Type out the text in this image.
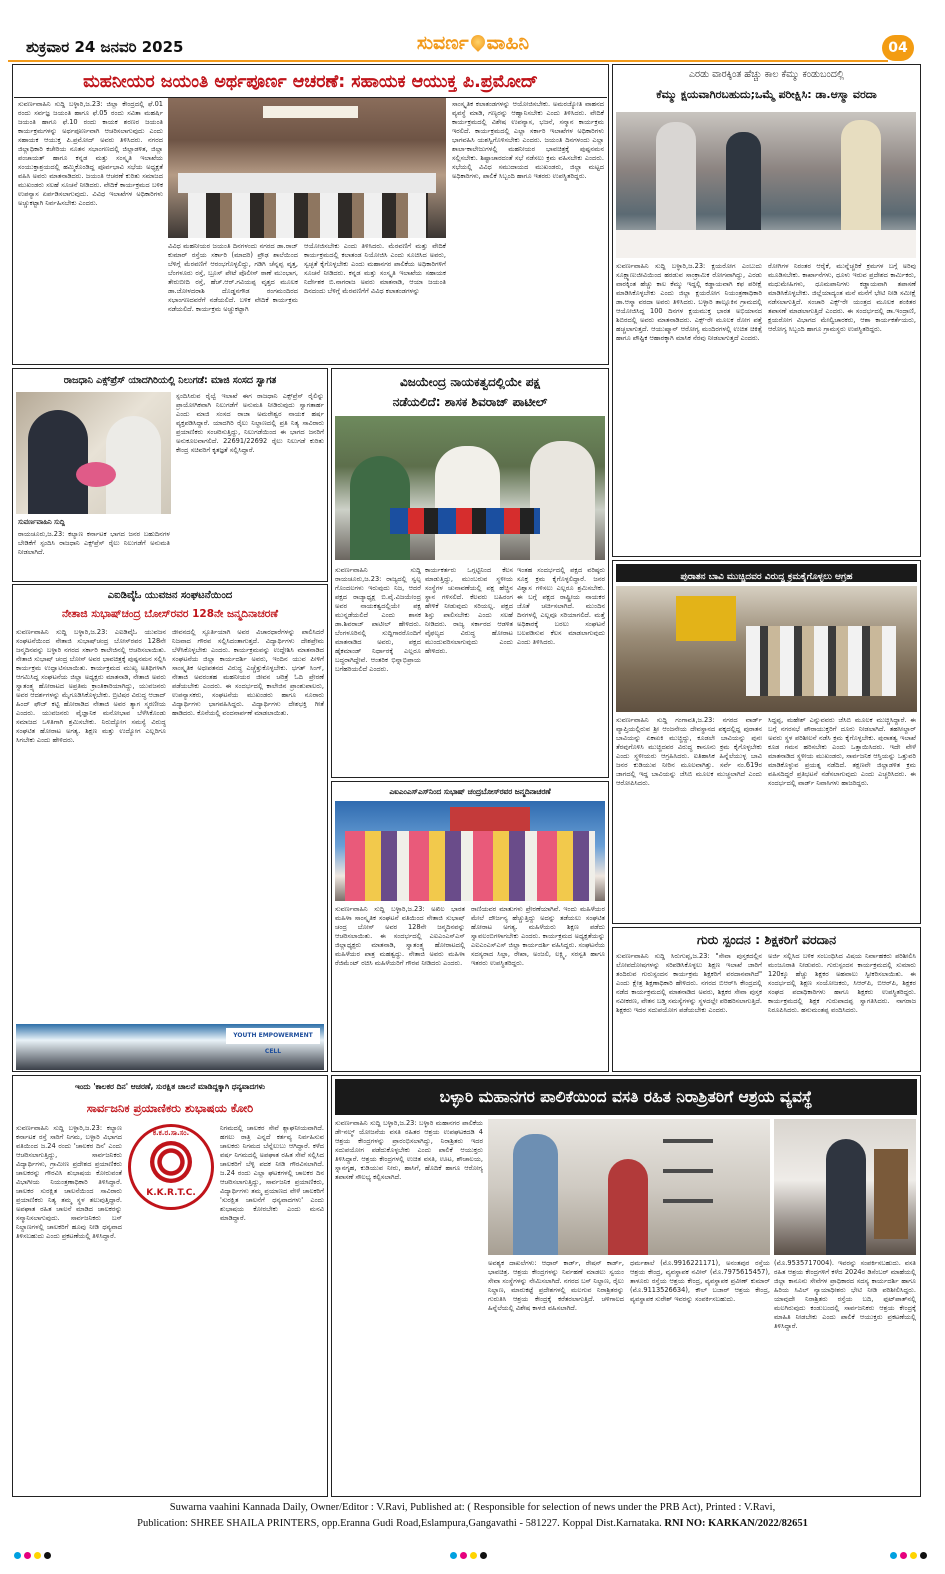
ಶುಕ್ರವಾರ 24 ಜನವರಿ 2025	ಸುವರ್ಣ ವಾಹಿನಿ	04
ಮಹನೀಯರ ಜಯಂತಿ ಅರ್ಥಪೂರ್ಣ ಆಚರಣೆ: ಸಹಾಯಕ ಆಯುಕ್ತ ಪಿ.ಪ್ರಮೋದ್
ಸುವರ್ಣವಾಹಿನಿ ಸುದ್ದಿ ಬಳ್ಳಾರಿ,ಜ.23: ಜಿಲ್ಲಾ ಕೇಂದ್ರದಲ್ಲಿ ಫೆ.01 ರಂದು ಸರ್ವಜ್ಞ ಜಯಂತಿ ಹಾಗೂ ಫೆ.05 ರಂದು ಸವಿತಾ ಮಹರ್ಷಿ ಜಯಂತಿ ಹಾಗೂ ಫೆ.10 ರಂದು ಕಾಯಕ ಶರಣರ ಜಯಂತಿ ಕಾರ್ಯಕ್ರಮಗಳನ್ನು ಅರ್ಥಪೂರ್ಣವಾಗಿ ಆಚರಿಸಲಾಗುವುದು ಎಂದು ಸಹಾಯಕ ಆಯುಕ್ತ ಪಿ.ಪ್ರಮೋದ್ ಅವರು ತಿಳಿಸಿದರು. ನಗರದ ಜಿಲ್ಲಾಧಿಕಾರಿ ಕಚೇರಿಯ ನೂತನ ಸಭಾಂಗಣದಲ್ಲಿ ಜಿಲ್ಲಾಡಳಿತ, ಜಿಲ್ಲಾ ಪಂಚಾಯತ್ ಹಾಗೂ ಕನ್ನಡ ಮತ್ತು ಸಂಸ್ಕೃತಿ ಇಲಾಖೆಯ ಸಂಯುಕ್ತಾಶ್ರಯದಲ್ಲಿ ಹಮ್ಮಿಕೊಂಡಿದ್ದ ಪೂರ್ವಭಾವಿ ಸಭೆಯ ಅಧ್ಯಕ್ಷತೆ ವಹಿಸಿ ಅವರು ಮಾತನಾಡಿದರು. ಜಯಂತಿ ಆಚರಣೆ ಕುರಿತು ಸಮಾಜದ ಮುಖಂಡರು ಸಲಹೆ ಸೂಚನೆ ನೀಡಿದರು. ವೇದಿಕೆ ಕಾರ್ಯಕ್ರಮದ ಬಳಿಕ ಉಪನ್ಯಾಸ ಏರ್ಪಡಿಸಲಾಗುವುದು. ವಿವಿಧ ಇಲಾಖೆಗಳ ಅಧಿಕಾರಿಗಳು ಅಚ್ಚುಕಟ್ಟಾಗಿ ನಿರ್ವಹಿಸಬೇಕು ಎಂದರು.
ವಿವಿಧ ಮಹನೀಯರ ಜಯಂತಿ ದಿನಗಳಂದು ನಗರದ ಡಾ.ರಾಜ್ ಕುಮಾರ್ ರಸ್ತೆಯ ಸರ್ಕಾರಿ (ಮಾದರಿ) ಪ್ರೌಢ ಶಾಲೆಯಿಂದ ಬೆಳಿಗ್ಗೆ ಮೆರವಣಿಗೆ ಆರಂಭಗೊಳ್ಳಲಿದ್ದು, ಗಡಿಗಿ ಚೆನ್ನಪ್ಪ ವೃತ್ತ, ಬೆಂಗಳೂರು ರಸ್ತೆ, ಬ್ರೂಸ್ ಪೇಟೆ ಪೊಲೀಸ್ ಠಾಣೆ ಮುಂಭಾಗ, ತೇರುಬೀದಿ ರಸ್ತೆ, ಹೆಚ್.ಆರ್.ಗವಿಯಪ್ಪ ವೃತ್ತದ ಮೂಲಕ ಡಾ.ಜೋಳದರಾಶಿ ದೊಡ್ಡನಗೌಡ ರಂಗಮಂದಿರದ ಸಭಾಂಗಣದವರೆಗೆ ನಡೆಯಲಿದೆ. ಬಳಿಕ ವೇದಿಕೆ ಕಾರ್ಯಕ್ರಮ ನಡೆಯಲಿದೆ. ಕಾರ್ಯಕ್ರಮ ಅಚ್ಚುಕಟ್ಟಾಗಿ
ಆಯೋಜಿಸಬೇಕು ಎಂದು ತಿಳಿಸಿದರು. ಮೆರವಣಿಗೆ ಮತ್ತು ವೇದಿಕೆ ಕಾರ್ಯಕ್ರಮದಲ್ಲಿ ಕಲಾತಂಡ ನಿಯೋಜಿಸಿ ಎಂದು ಸೂಚಿಸಿದ ಅವರು, ಸ್ವಚ್ಛತೆ ಕೈಗೊಳ್ಳಬೇಕು ಎಂದು ಮಹಾನಗರ ಪಾಲಿಕೆಯ ಅಧಿಕಾರಿಗಳಿಗೆ ಸೂಚನೆ ನೀಡಿದರು. ಕನ್ನಡ ಮತ್ತು ಸಂಸ್ಕೃತಿ ಇಲಾಖೆಯ ಸಹಾಯಕ ನಿರ್ದೇಶಕ ಬಿ.ನಾಗರಾಜ ಅವರು ಮಾತನಾಡಿ, ಆಯಾ ಜಯಂತಿ ದಿನದಂದು ಬೆಳಿಗ್ಗೆ ಮೆರವಣಿಗೆಗೆ ವಿವಿಧ ಕಲಾತಂಡಗಳನ್ನು
ಸಾಂಸ್ಕೃತಿಕ ಕಲಾತಂಡಗಳನ್ನು ಆಯೋಜಿಸಬೇಕು. ಅಮರಜ್ಯೋತಿ ವಾಹನದ ವ್ಯವಸ್ಥೆ ಮಾಡಿ, ಗಣ್ಯರನ್ನು ಆಹ್ವಾನಿಸಬೇಕು ಎಂದು ತಿಳಿಸಿದರು. ವೇದಿಕೆ ಕಾರ್ಯಕ್ರಮದಲ್ಲಿ ವಿಶೇಷ ಉಪನ್ಯಾಸ, ಭಜನೆ, ಸನ್ಮಾನ ಕಾರ್ಯಕ್ರಮ ಇರಲಿದೆ. ಕಾರ್ಯಕ್ರಮದಲ್ಲಿ ಎಲ್ಲಾ ಸರ್ಕಾರಿ ಇಲಾಖೆಗಳ ಅಧಿಕಾರಿಗಳು ಭಾಗವಹಿಸಿ ಯಶಸ್ವಿಗೊಳಿಸಬೇಕು ಎಂದರು. ಜಯಂತಿ ದಿನಗಳಂದು ಎಲ್ಲಾ ಶಾಲಾ-ಕಾಲೇಜುಗಳಲ್ಲಿ ಮಹನೀಯರ ಭಾವಚಿತ್ರಕ್ಕೆ ಪುಷ್ಪನಮನ ಸಲ್ಲಿಸಬೇಕು. ಶಿಷ್ಟಾಚಾರದಂತೆ ಸಭೆ ನಡೆಸಲು ಕ್ರಮ ವಹಿಸಬೇಕು ಎಂದರು. ಸಭೆಯಲ್ಲಿ ವಿವಿಧ ಸಮುದಾಯದ ಮುಖಂಡರು, ಜಿಲ್ಲಾ ಮಟ್ಟದ ಅಧಿಕಾರಿಗಳು, ಪಾಲಿಕೆ ಸಿಬ್ಬಂದಿ ಹಾಗೂ ಇತರರು ಉಪಸ್ಥಿತರಿದ್ದರು.
ಎರಡು ವಾರಕ್ಕಿಂತ ಹೆಚ್ಚು ಕಾಲ ಕೆಮ್ಮು ಕಂಡುಬಂದಲ್ಲಿ
ಕೆಮ್ಮು ಕ್ಷಯವಾಗಿರಬಹುದು;ಒಮ್ಮೆ ಪರೀಕ್ಷಿಸಿ: ಡಾ.ಆಸ್ಮಾ ವರದಾ
ಸುವರ್ಣವಾಹಿನಿ ಸುದ್ದಿ ಬಳ್ಳಾರಿ,ಜ.23: ಕ್ಷಯರೋಗ ಎಂಬುದು ಸೂಕ್ಷ್ಮಾಣುಜೀವಿಯಿಂದ ಹರಡುವ ಸಾಂಕ್ರಾಮಿಕ ರೋಗವಾಗಿದ್ದು, ಎರಡು ವಾರಕ್ಕಿಂತ ಹೆಚ್ಚು ಕಾಲ ಕೆಮ್ಮು ಇದ್ದಲ್ಲಿ ಕಡ್ಡಾಯವಾಗಿ ಕಫ ಪರೀಕ್ಷೆ ಮಾಡಿಸಿಕೊಳ್ಳಬೇಕು ಎಂದು ಜಿಲ್ಲಾ ಕ್ಷಯರೋಗ ನಿಯಂತ್ರಣಾಧಿಕಾರಿ ಡಾ.ಆಸ್ಮಾ ವರದಾ ಅವರು ತಿಳಿಸಿದರು. ಬಳ್ಳಾರಿ ತಾಲ್ಲೂಕಿನ ಗ್ರಾಮದಲ್ಲಿ ಆಯೋಜಿಸಿದ್ದ 100 ದಿನಗಳ ಕ್ಷಯಮುಕ್ತ ಭಾರತ ಅಭಿಯಾನದ ಶಿಬಿರದಲ್ಲಿ ಅವರು ಮಾತನಾಡಿದರು. ಎಕ್ಸ್-ರೇ ಮೂಲಕ ರೋಗ ಪತ್ತೆ ಹಚ್ಚಲಾಗುತ್ತದೆ. ಆಯುಷ್ಮಾನ್ ಆರೋಗ್ಯ ಮಂದಿರಗಳಲ್ಲಿ ಉಚಿತ ಚಿಕಿತ್ಸೆ ಹಾಗೂ ಪೌಷ್ಟಿಕ ಆಹಾರಕ್ಕಾಗಿ ಮಾಸಿಕ ನೆರವು ನೀಡಲಾಗುತ್ತದೆ ಎಂದರು.
ರೋಗಿಗಳ ನಿರಂತರ ಆರೈಕೆ, ಮುನ್ನೆಚ್ಚರಿಕೆ ಕ್ರಮಗಳ ಬಗ್ಗೆ ಅರಿವು ಮೂಡಿಸಬೇಕು. ಕಾರ್ಖಾನೆಗಳು, ಧೂಳು ಇರುವ ಪ್ರದೇಶದ ಕಾರ್ಮಿಕರು, ಮಧುಮೇಹಿಗಳು, ಧೂಮಪಾನಿಗಳು ಕಡ್ಡಾಯವಾಗಿ ತಪಾಸಣೆ ಮಾಡಿಸಿಕೊಳ್ಳಬೇಕು. ಜಿಲ್ಲೆಯಾದ್ಯಂತ ಮನೆ ಮನೆಗೆ ಭೇಟಿ ನೀಡಿ ಸಮೀಕ್ಷೆ ನಡೆಸಲಾಗುತ್ತಿದೆ. ಸಂಚಾರಿ ಎಕ್ಸ್-ರೇ ಯಂತ್ರದ ಮೂಲಕ ಶಂಕಿತರ ತಪಾಸಣೆ ಮಾಡಲಾಗುತ್ತಿದೆ ಎಂದರು. ಈ ಸಂದರ್ಭದಲ್ಲಿ ಡಾ.ಇಂದ್ರಾಣಿ, ಕ್ಷಯರೋಗ ವಿಭಾಗದ ಮೇಲ್ವಿಚಾರಕರು, ಆಶಾ ಕಾರ್ಯಕರ್ತೆಯರು, ಆರೋಗ್ಯ ಸಿಬ್ಬಂದಿ ಹಾಗೂ ಗ್ರಾಮಸ್ಥರು ಉಪಸ್ಥಿತರಿದ್ದರು.
ರಾಜಧಾನಿ ಎಕ್ಸ್‌ಪ್ರೆಸ್ ಯಾದಗಿರಿಯಲ್ಲಿ ನಿಲುಗಡೆ: ಮಾಜಿ ಸಂಸದ ಸ್ವಾಗತ
ಸುವರ್ಣವಾಹಿನಿ ಸುದ್ದಿ
ರಾಯಚೂರು,ಜ.23: ಕಲ್ಯಾಣ ಕರ್ನಾಟಕ ಭಾಗದ ಜನರ ಬಹುದಿನಗಳ ಬೇಡಿಕೆಗೆ ಸ್ಪಂದಿಸಿ ರಾಜಧಾನಿ ಎಕ್ಸ್‌ಪ್ರೆಸ್ ರೈಲು ನಿಲುಗಡೆಗೆ ಅನುಮತಿ ನೀಡಲಾಗಿದೆ.
ಸ್ಪಂದಿಸಿರುವ ರೈಲ್ವೆ ಇಲಾಖೆ ಈಗ ರಾಜಧಾನಿ ಎಕ್ಸ್‌ಪ್ರೆಸ್ ರೈಲಿನ್ನು ಪ್ರಾಯೋಗಿಕವಾಗಿ ನಿಲುಗಡೆಗೆ ಅನುಮತಿ ನೀಡಿರುವುದು ಸ್ವಾಗತಾರ್ಹ ಎಂದು ಮಾಜಿ ಸಂಸದ ರಾಜಾ ಅಮರೇಶ್ವರ ನಾಯಕ ಹರ್ಷ ವ್ಯಕ್ತಪಡಿಸಿದ್ದಾರೆ. ಯಾದಗಿರಿ ರೈಲು ನಿಲ್ದಾಣದಲ್ಲಿ ಪ್ರತಿ ನಿತ್ಯ ಸಾವಿರಾರು ಪ್ರಯಾಣಿಕರು ಸಂಚರಿಸುತ್ತಿದ್ದು, ನಿಲುಗಡೆಯಿಂದ ಈ ಭಾಗದ ಜನರಿಗೆ ಅನುಕೂಲವಾಗಲಿದೆ. 22691/22692 ರೈಲು ನಿಲುಗಡೆ ಕುರಿತು ಕೇಂದ್ರ ಸಚಿವರಿಗೆ ಕೃತಜ್ಞತೆ ಸಲ್ಲಿಸಿದ್ದಾರೆ.
ವಿಜಯೇಂದ್ರ ನಾಯಕತ್ವದಲ್ಲಿಯೇ ಪಕ್ಷ
ನಡೆಯಲಿದೆ: ಶಾಸಕ ಶಿವರಾಜ್ ಪಾಟೀಲ್
ಸುವರ್ಣವಾಹಿನಿ ಸುದ್ದಿ ರಾಯಚೂರು,ಜ.23: ರಾಜ್ಯದಲ್ಲಿ ಸ್ವಲ್ಪ ಗೊಂದಲಗಳು ಇರುವುದು ನಿಜ, ಆದರೆ ಪಕ್ಷದ ರಾಜ್ಯಾಧ್ಯಕ್ಷ ಬಿ.ವೈ.ವಿಜಯೇಂದ್ರ ಅವರ ನಾಯಕತ್ವದಲ್ಲಿಯೇ ಪಕ್ಷ ಮುನ್ನಡೆಯಲಿದೆ ಎಂದು ಶಾಸಕ ಡಾ.ಶಿವರಾಜ್ ಪಾಟೀಲ್ ಹೇಳಿದರು. ಬೆಂಗಳೂರಿನಲ್ಲಿ ಸುದ್ದಿಗಾರರೊಂದಿಗೆ ಮಾತನಾಡಿದ ಅವರು, ಪಕ್ಷದ ಹೈಕಮಾಂಡ್ ನಿರ್ಧಾರಕ್ಕೆ ಎಲ್ಲರೂ ಬದ್ಧರಾಗಿದ್ದೇವೆ. ಆಂತರಿಕ ಭಿನ್ನಾಭಿಪ್ರಾಯ ಬಗೆಹರಿಯಲಿದೆ ಎಂದರು.
ಕಾರ್ಯಕರ್ತರು ಒಗ್ಗಟ್ಟಿನಿಂದ ಕೆಲಸ ಮಾಡುತ್ತಿದ್ದು, ಮುಂಬರುವ ಸ್ಥಳೀಯ ಸಂಸ್ಥೆಗಳ ಚುನಾವಣೆಯಲ್ಲಿ ಪಕ್ಷ ಹೆಚ್ಚಿನ ಸ್ಥಾನ ಗಳಿಸಲಿದೆ. ಕೆಲವರು ಬಹಿರಂಗ ಹೇಳಿಕೆ ನೀಡುವುದು ಸರಿಯಲ್ಲ. ಪಕ್ಷದ ಶಿಸ್ತು ಪಾಲಿಸಬೇಕು ಎಂದು ಸಲಹೆ ನೀಡಿದರು. ರಾಜ್ಯ ಸರ್ಕಾರದ ಆಡಳಿತ ವೈಫಲ್ಯದ ವಿರುದ್ಧ ಹೋರಾಟ ಮುಂದುವರಿಸಲಾಗುವುದು ಎಂದು ಹೇಳಿದರು.
ಇಂತಹ ಸಂದರ್ಭದಲ್ಲಿ ಪಕ್ಷದ ವರಿಷ್ಠರು ಸೂಕ್ತ ಕ್ರಮ ಕೈಗೊಳ್ಳಲಿದ್ದಾರೆ. ಜನರ ವಿಶ್ವಾಸ ಗಳಿಸಲು ಎಲ್ಲರೂ ಶ್ರಮಿಸಬೇಕು. ಈ ಬಗ್ಗೆ ಪಕ್ಷದ ರಾಷ್ಟ್ರೀಯ ನಾಯಕರ ಜೊತೆ ಚರ್ಚಿಸಲಾಗಿದೆ. ಮುಂದಿನ ದಿನಗಳಲ್ಲಿ ಎಲ್ಲವೂ ಸರಿಯಾಗಲಿದೆ. ಮತ್ತೆ ಅಧಿಕಾರಕ್ಕೆ ಬರಲು ಸಂಘಟನೆ ಬಲಪಡಿಸುವ ಕೆಲಸ ಮಾಡಲಾಗುವುದು ಎಂದು ತಿಳಿಸಿದರು.
ಎಐಡಿವೈಓ ಯುವಜನ ಸಂಘಟನೆಯಿಂದ
ನೇತಾಜಿ ಸುಭಾಷ್‌ಚಂದ್ರ ಬೋಸ್‌ರವರ 128ನೇ ಜನ್ಮದಿನಾಚರಣೆ
ಸುವರ್ಣವಾಹಿನಿ ಸುದ್ದಿ ಬಳ್ಳಾರಿ,ಜ.23: ಎಐಡಿವೈಓ ಯುವಜನ ಸಂಘಟನೆಯಿಂದ ನೇತಾಜಿ ಸುಭಾಷ್‌ಚಂದ್ರ ಬೋಸ್‌ರವರ 128ನೇ ಜನ್ಮದಿನವನ್ನು ಬಳ್ಳಾರಿ ನಗರದ ಸರ್ಕಾರಿ ಕಾಲೇಜಿನಲ್ಲಿ ಆಚರಿಸಲಾಯಿತು. ನೇತಾಜಿ ಸುಭಾಷ್ ಚಂದ್ರ ಬೋಸ್ ಅವರ ಭಾವಚಿತ್ರಕ್ಕೆ ಪುಷ್ಪನಮನ ಸಲ್ಲಿಸಿ ಕಾರ್ಯಕ್ರಮ ಉದ್ಘಾಟಿಸಲಾಯಿತು. ಕಾರ್ಯಕ್ರಮದ ಮುಖ್ಯ ಅತಿಥಿಗಳಾಗಿ ಆಗಮಿಸಿದ್ದ ಸಂಘಟನೆಯ ಜಿಲ್ಲಾ ಅಧ್ಯಕ್ಷರು ಮಾತನಾಡಿ, ನೇತಾಜಿ ಅವರು ಸ್ವಾತಂತ್ರ್ಯ ಹೋರಾಟದ ಅಪ್ರತಿಮ ಕ್ರಾಂತಿಕಾರಿಯಾಗಿದ್ದು, ಯುವಜನರು ಅವರ ಆದರ್ಶಗಳನ್ನು ಮೈಗೂಡಿಸಿಕೊಳ್ಳಬೇಕು. ಬ್ರಿಟಿಷರ ವಿರುದ್ಧ ಆಜಾದ್ ಹಿಂದ್ ಫೌಜ್ ಕಟ್ಟಿ ಹೋರಾಡಿದ ನೇತಾಜಿ ಅವರ ತ್ಯಾಗ ಸ್ಮರಣೀಯ ಎಂದರು. ಯುವಜನರು ವೈಜ್ಞಾನಿಕ ಮನೋಭಾವ ಬೆಳೆಸಿಕೊಂಡು ಸಮಾಜದ ಒಳಿತಿಗಾಗಿ ಶ್ರಮಿಸಬೇಕು. ನಿರುದ್ಯೋಗ ಸಮಸ್ಯೆ ವಿರುದ್ಧ ಸಂಘಟಿತ ಹೋರಾಟ ಅಗತ್ಯ. ಶಿಕ್ಷಣ ಮತ್ತು ಉದ್ಯೋಗ ಎಲ್ಲರಿಗೂ ಸಿಗಬೇಕು ಎಂದು ಹೇಳಿದರು.
ಜೀವನದಲ್ಲಿ ಸ್ಫೂರ್ತಿಯಾಗಿ ಅವರ ವಿಚಾರಧಾರೆಗಳನ್ನು ಪಾಲಿಸಿದರೆ ನಿಜವಾದ ಗೌರವ ಸಲ್ಲಿಸಿದಂತಾಗುತ್ತದೆ. ವಿದ್ಯಾರ್ಥಿಗಳು ದೇಶಪ್ರೇಮ ಬೆಳೆಸಿಕೊಳ್ಳಬೇಕು ಎಂದರು. ಕಾರ್ಯಕ್ರಮವನ್ನು ಉದ್ದೇಶಿಸಿ ಮಾತನಾಡಿದ ಸಂಘಟನೆಯ ಜಿಲ್ಲಾ ಕಾರ್ಯದರ್ಶಿ ಅವರು, ಇಂದಿನ ಯುವ ಪೀಳಿಗೆ ಸಾಂಸ್ಕೃತಿಕ ಅಧಃಪತನದ ವಿರುದ್ಧ ಎಚ್ಚೆತ್ತುಕೊಳ್ಳಬೇಕು. ಭಗತ್ ಸಿಂಗ್, ನೇತಾಜಿ ಅವರಂತಹ ಮಹನೀಯರ ಜೀವನ ಚರಿತ್ರೆ ಓದಿ ಪ್ರೇರಣೆ ಪಡೆಯಬೇಕು ಎಂದರು. ಈ ಸಂದರ್ಭದಲ್ಲಿ ಕಾಲೇಜಿನ ಪ್ರಾಂಶುಪಾಲರು, ಉಪನ್ಯಾಸಕರು, ಸಂಘಟನೆಯ ಮುಖಂಡರು ಹಾಗೂ ನೂರಾರು ವಿದ್ಯಾರ್ಥಿಗಳು ಭಾಗವಹಿಸಿದ್ದರು. ವಿದ್ಯಾರ್ಥಿಗಳು ದೇಶಭಕ್ತಿ ಗೀತೆ ಹಾಡಿದರು. ಕೊನೆಯಲ್ಲಿ ವಂದನಾರ್ಪಣೆ ಮಾಡಲಾಯಿತು.
YOUTH EMPOWERMENT CELL
ಎಐಎಂಎಸ್‌ಎಸ್‌ನಿಂದ ಸುಭಾಷ್ ಚಂದ್ರಬೋಸ್‌ರವರ ಜನ್ಮದಿನಾಚರಣೆ
ಸುವರ್ಣವಾಹಿನಿ ಸುದ್ದಿ ಬಳ್ಳಾರಿ,ಜ.23: ಅಖಿಲ ಭಾರತ ಮಹಿಳಾ ಸಾಂಸ್ಕೃತಿಕ ಸಂಘಟನೆ ವತಿಯಿಂದ ನೇತಾಜಿ ಸುಭಾಷ್ ಚಂದ್ರ ಬೋಸ್ ಅವರ 128ನೇ ಜನ್ಮದಿನವನ್ನು ಆಚರಿಸಲಾಯಿತು. ಈ ಸಂದರ್ಭದಲ್ಲಿ ಎಐಎಂಎಸ್‌ಎಸ್ ಜಿಲ್ಲಾಧ್ಯಕ್ಷರು ಮಾತನಾಡಿ, ಸ್ವಾತಂತ್ರ್ಯ ಹೋರಾಟದಲ್ಲಿ ಮಹಿಳೆಯರ ಪಾತ್ರ ಮಹತ್ವದ್ದು. ನೇತಾಜಿ ಅವರು ಮಹಿಳಾ ರೆಜಿಮೆಂಟ್ ರಚಿಸಿ ಮಹಿಳೆಯರಿಗೆ ಗೌರವ ನೀಡಿದರು ಎಂದರು.
ರಾಣಿಯವರ ಮಾತುಗಳು ಪ್ರೇರಣೆಯಾಗಿವೆ. ಇಂದು ಮಹಿಳೆಯರ ಮೇಲೆ ದೌರ್ಜನ್ಯ ಹೆಚ್ಚುತ್ತಿದ್ದು ಅದನ್ನು ತಡೆಯಲು ಸಂಘಟಿತ ಹೋರಾಟ ಅಗತ್ಯ. ಮಹಿಳೆಯರು ಶಿಕ್ಷಣ ಪಡೆದು ಸ್ವಾವಲಂಬಿಗಳಾಗಬೇಕು ಎಂದರು. ಕಾರ್ಯಕ್ರಮದ ಅಧ್ಯಕ್ಷತೆಯನ್ನು ಎಐಎಂಎಸ್‌ಎಸ್ ಜಿಲ್ಲಾ ಕಾರ್ಯದರ್ಶಿ ವಹಿಸಿದ್ದರು. ಸಂಘಟನೆಯ ಸದಸ್ಯರಾದ ಸಿಲ್ಪಾ, ರೇಖಾ, ಅಂಜಲಿ, ಲಕ್ಷ್ಮಿ, ಸರಸ್ವತಿ ಹಾಗೂ ಇತರರು ಉಪಸ್ಥಿತರಿದ್ದರು.
ಪುರಾತನ ಬಾವಿ ಮುಚ್ಚಿದವರ ವಿರುದ್ಧ ಕ್ರಮಕೈಗೊಳ್ಳಲು ಆಗ್ರಹ
ಸುವರ್ಣವಾಹಿನಿ ಸುದ್ದಿ ಗಂಗಾವತಿ,ಜ.23: ನಗರದ ವಾರ್ಡ್ ವ್ಯಾಪ್ತಿಯಲ್ಲಿರುವ ಶ್ರೀ ಆಂಜನೇಯ ದೇವಸ್ಥಾನದ ಪಕ್ಕದಲ್ಲಿದ್ದ ಪುರಾತನ ಬಾವಿಯನ್ನು ಏಕಾಏಕಿ ಮುಚ್ಚಿದ್ದು, ಕೂಡಲೇ ಬಾವಿಯನ್ನು ಪುನಃ ತೆರವುಗೊಳಿಸಿ ಮುಚ್ಚಿದವರ ವಿರುದ್ಧ ಕಾನೂನು ಕ್ರಮ ಕೈಗೊಳ್ಳಬೇಕು ಎಂದು ಸ್ಥಳೀಯರು ಆಗ್ರಹಿಸಿದರು. ಐತಿಹಾಸಿಕ ಹಿನ್ನೆಲೆಯುಳ್ಳ ಬಾವಿ ಜನರ ಕುಡಿಯುವ ನೀರಿನ ಮೂಲವಾಗಿತ್ತು. ಸರ್ವೆ ನಂ.619ರ ಜಾಗದಲ್ಲಿ ಇದ್ದ ಬಾವಿಯನ್ನು ಜೆಸಿಬಿ ಮೂಲಕ ಮುಚ್ಚಲಾಗಿದೆ ಎಂದು ಆರೋಪಿಸಿದರು.
ಸಿದ್ದಪ್ಪ, ಮಹೇಶ್ ಎನ್ನುವವರು ಜೆಸಿಬಿ ಮೂಲಕ ಮುಚ್ಚಿಸಿದ್ದಾರೆ. ಈ ಬಗ್ಗೆ ನಗರಸಭೆ ಪೌರಾಯುಕ್ತರಿಗೆ ದೂರು ನೀಡಲಾಗಿದೆ. ತಹಸೀಲ್ದಾರ್ ಅವರು ಸ್ಥಳ ಪರಿಶೀಲನೆ ನಡೆಸಿ ಕ್ರಮ ಕೈಗೊಳ್ಳಬೇಕು. ಪುರಾತತ್ವ ಇಲಾಖೆ ಕೂಡ ಗಮನ ಹರಿಸಬೇಕು ಎಂದು ಒತ್ತಾಯಿಸಿದರು. ಇದೇ ವೇಳೆ ಮಾತನಾಡಿದ ಸ್ಥಳೀಯ ಮುಖಂಡರು, ಸಾರ್ವಜನಿಕ ಆಸ್ತಿಯನ್ನು ಒತ್ತುವರಿ ಮಾಡಿಕೊಳ್ಳುವ ಪ್ರಯತ್ನ ನಡೆದಿದೆ. ತಕ್ಷಣವೇ ಜಿಲ್ಲಾಡಳಿತ ಕ್ರಮ ವಹಿಸದಿದ್ದರೆ ಪ್ರತಿಭಟನೆ ನಡೆಸಲಾಗುವುದು ಎಂದು ಎಚ್ಚರಿಸಿದರು. ಈ ಸಂದರ್ಭದಲ್ಲಿ ವಾರ್ಡ್ ನಿವಾಸಿಗಳು ಹಾಜರಿದ್ದರು.
ಗುರು ಸ್ಪಂದನ : ಶಿಕ್ಷಕರಿಗೆ ವರದಾನ
ಸುವರ್ಣವಾಹಿನಿ ಸುದ್ದಿ ಸಿರುಗುಪ್ಪ,ಜ.23: "ಸೇವಾ ಪುಸ್ತಕದಲ್ಲಿನ ಲೋಪದೋಷಗಳನ್ನು ಸರಿಪಡಿಸಿಕೊಳ್ಳಲು ಶಿಕ್ಷಣ ಇಲಾಖೆ ಜಾರಿಗೆ ತಂದಿರುವ ಗುರುಸ್ಪಂದನ ಕಾರ್ಯಕ್ರಮ ಶಿಕ್ಷಕರಿಗೆ ವರದಾನವಾಗಿದೆ" ಎಂದು ಕ್ಷೇತ್ರ ಶಿಕ್ಷಣಾಧಿಕಾರಿ ಹೇಳಿದರು. ನಗರದ ಬಿಆರ್‌ಸಿ ಕೇಂದ್ರದಲ್ಲಿ ನಡೆದ ಕಾರ್ಯಕ್ರಮದಲ್ಲಿ ಮಾತನಾಡಿದ ಅವರು, ಶಿಕ್ಷಕರ ಸೇವಾ ಪುಸ್ತಕ ನವೀಕರಣ, ವೇತನ ಬಡ್ತಿ ಸಮಸ್ಯೆಗಳನ್ನು ಸ್ಥಳದಲ್ಲೇ ಪರಿಹರಿಸಲಾಗುತ್ತಿದೆ. ಶಿಕ್ಷಕರು ಇದರ ಸದುಪಯೋಗ ಪಡೆಯಬೇಕು ಎಂದರು.
ಅರ್ಜಿ ಸಲ್ಲಿಸಿದ ಬಳಿಕ ಸಂಬಂಧಿಸಿದ ವಿಷಯ ನಿರ್ವಾಹಕರು ಪರಿಶೀಲಿಸಿ ಮಂಜೂರಾತಿ ನೀಡುವರು. ಗುರುಸ್ಪಂದನ ಕಾರ್ಯಕ್ರಮದಲ್ಲಿ ಸುಮಾರು 120ಕ್ಕೂ ಹೆಚ್ಚು ಶಿಕ್ಷಕರ ಅಹವಾಲು ಸ್ವೀಕರಿಸಲಾಯಿತು. ಈ ಸಂದರ್ಭದಲ್ಲಿ ಶಿಕ್ಷಣ ಸಂಯೋಜಕರು, ಸಿಆರ್‌ಪಿ, ಬಿಆರ್‌ಪಿ, ಶಿಕ್ಷಕರ ಸಂಘದ ಪದಾಧಿಕಾರಿಗಳು ಹಾಗೂ ಶಿಕ್ಷಕರು ಉಪಸ್ಥಿತರಿದ್ದರು. ಕಾರ್ಯಕ್ರಮದಲ್ಲಿ ಶಿಕ್ಷಕ ಗುರುಪಾದಪ್ಪ ಸ್ವಾಗತಿಸಿದರು. ನಾಗರಾಜ ನಿರೂಪಿಸಿದರು. ಹನುಮಂತಪ್ಪ ವಂದಿಸಿದರು.
ಇಂದು 'ಕಾಲಕರ ದಿನ' ಆಚರಣೆ, ಸುರಕ್ಷಿತ ಚಾಲನೆ ಮಾಡಿದ್ದಕ್ಕಾಗಿ ಧನ್ಯವಾದಗಳು
ಸಾರ್ವಜನಿಕ ಪ್ರಯಾಣಿಕರು ಶುಭಾಷಯ ಕೋರಿ
ಕ.ಕ.ರ.ಸಾ.ಸಂ.
K.K.R.T.C.
ಸುವರ್ಣವಾಹಿನಿ ಸುದ್ದಿ ಬಳ್ಳಾರಿ,ಜ.23: ಕಲ್ಯಾಣ ಕರ್ನಾಟಕ ರಸ್ತೆ ಸಾರಿಗೆ ನಿಗಮ, ಬಳ್ಳಾರಿ ವಿಭಾಗದ ವತಿಯಿಂದ ಜ.24 ರಂದು 'ಚಾಲಕರ ದಿನ' ಎಂದು ಆಚರಿಸಲಾಗುತ್ತಿದ್ದು, ಸಾರ್ವಜನಿಕರು ವಿದ್ಯಾರ್ಥಿಗಳು, ಗ್ರಾಮೀಣ ಪ್ರದೇಶದ ಪ್ರಯಾಣಿಕರು ಚಾಲಕರನ್ನು ಗೌರವಿಸಿ ಶುಭಾಷಯ ಕೋರುವಂತೆ ವಿಭಾಗೀಯ ನಿಯಂತ್ರಣಾಧಿಕಾರಿ ತಿಳಿಸಿದ್ದಾರೆ. ಚಾಲಕರ ಸುರಕ್ಷಿತ ಚಾಲನೆಯಿಂದ ಸಾವಿರಾರು ಪ್ರಯಾಣಿಕರು ನಿತ್ಯ ತಮ್ಮ ಸ್ಥಳ ತಲುಪುತ್ತಿದ್ದಾರೆ. ಅಪಘಾತ ರಹಿತ ಚಾಲನೆ ಮಾಡಿದ ಚಾಲಕರನ್ನು ಸನ್ಮಾನಿಸಲಾಗುವುದು. ಸಾರ್ವಜನಿಕರು ಬಸ್ ನಿಲ್ದಾಣಗಳಲ್ಲಿ ಚಾಲಕರಿಗೆ ಹೂವು ನೀಡಿ ಧನ್ಯವಾದ ತಿಳಿಸಬಹುದು ಎಂದು ಪ್ರಕಟಣೆಯಲ್ಲಿ ತಿಳಿಸಿದ್ದಾರೆ.
ನಿಗಮದಲ್ಲಿ ಚಾಲಕರ ಸೇವೆ ಶ್ಲಾಘನೀಯವಾಗಿದೆ. ಹಗಲು ರಾತ್ರಿ ಎನ್ನದೆ ಕರ್ತವ್ಯ ನಿರ್ವಹಿಸುವ ಚಾಲಕರು ನಿಗಮದ ಬೆನ್ನೆಲುಬು ಆಗಿದ್ದಾರೆ. ಕಳೆದ ವರ್ಷ ನಿಗಮದಲ್ಲಿ ಅಪಘಾತ ರಹಿತ ಸೇವೆ ಸಲ್ಲಿಸಿದ ಚಾಲಕರಿಗೆ ಬೆಳ್ಳಿ ಪದಕ ನೀಡಿ ಗೌರವಿಸಲಾಗಿದೆ. ಜ.24 ರಂದು ಎಲ್ಲಾ ಘಟಕಗಳಲ್ಲಿ ಚಾಲಕರ ದಿನ ಆಚರಿಸಲಾಗುತ್ತಿದ್ದು, ಸಾರ್ವಜನಿಕ ಪ್ರಯಾಣಿಕರು, ವಿದ್ಯಾರ್ಥಿಗಳು ತಮ್ಮ ಪ್ರಯಾಣದ ವೇಳೆ ಚಾಲಕರಿಗೆ 'ಸುರಕ್ಷಿತ ಚಾಲನೆಗೆ ಧನ್ಯವಾದಗಳು' ಎಂದು ಶುಭಾಷಯ ಕೋರಬೇಕು ಎಂದು ಮನವಿ ಮಾಡಿದ್ದಾರೆ.
ಬಳ್ಳಾರಿ ಮಹಾನಗರ ಪಾಲಿಕೆಯಿಂದ ವಸತಿ ರಹಿತ ನಿರಾಶ್ರಿತರಿಗೆ ಆಶ್ರಯ ವ್ಯವಸ್ಥೆ
ಸುವರ್ಣವಾಹಿನಿ ಸುದ್ದಿ ಬಳ್ಳಾರಿ,ಜ.23: ಬಳ್ಳಾರಿ ಮಹಾನಗರ ಪಾಲಿಕೆಯ ಡೇ-ನಲ್ಮ್ ಯೋಜನೆಯ ವಸತಿ ರಹಿತರ ಆಶ್ರಯ ಉಪಘಟಕದಡಿ 4 ಆಶ್ರಯ ಕೇಂದ್ರಗಳನ್ನು ಪ್ರಾರಂಭಿಸಲಾಗಿದ್ದು, ನಿರಾಶ್ರಿತರು ಇದರ ಸದುಪಯೋಗ ಪಡೆದುಕೊಳ್ಳಬೇಕು ಎಂದು ಪಾಲಿಕೆ ಆಯುಕ್ತರು ತಿಳಿಸಿದ್ದಾರೆ. ಆಶ್ರಯ ಕೇಂದ್ರಗಳಲ್ಲಿ ಉಚಿತ ವಸತಿ, ಊಟ, ಶೌಚಾಲಯ, ಸ್ನಾನಗೃಹ, ಕುಡಿಯುವ ನೀರು, ಹಾಸಿಗೆ, ಹೊದಿಕೆ ಹಾಗೂ ಆರೋಗ್ಯ ತಪಾಸಣೆ ಸೌಲಭ್ಯ ಕಲ್ಪಿಸಲಾಗಿದೆ.
ಅವಶ್ಯಕ ದಾಖಲೆಗಳು: ಆಧಾರ್ ಕಾರ್ಡ್, ರೇಷನ್ ಕಾರ್ಡ್, ಭಾವಚಿತ್ರ. ಆಶ್ರಯ ಕೇಂದ್ರಗಳನ್ನು ನಿರ್ವಹಣೆ ಮಾಡಲು ಸ್ವಯಂ ಸೇವಾ ಸಂಸ್ಥೆಗಳನ್ನು ನೇಮಿಸಲಾಗಿದೆ. ನಗರದ ಬಸ್ ನಿಲ್ದಾಣ, ರೈಲು ನಿಲ್ದಾಣ, ಮಾರುಕಟ್ಟೆ ಪ್ರದೇಶಗಳಲ್ಲಿ ಮಲಗುವ ನಿರಾಶ್ರಿತರನ್ನು ಗುರುತಿಸಿ ಆಶ್ರಯ ಕೇಂದ್ರಕ್ಕೆ ಕರೆತರಲಾಗುತ್ತಿದೆ. ಚಳಿಗಾಲದ ಹಿನ್ನೆಲೆಯಲ್ಲಿ ವಿಶೇಷ ಕಾಳಜಿ ವಹಿಸಲಾಗಿದೆ.
ಧರ್ಮಶಾಲೆ (ಮೊ.9916221171), ಅನಂತಪುರ ರಸ್ತೆಯ ಆಶ್ರಯ ಕೇಂದ್ರ, ವ್ಯವಸ್ಥಾಪಕ ನವೀನ್ (ಮೊ.7975615457), ತಾಳೂರು ರಸ್ತೆಯ ಆಶ್ರಯ ಕೇಂದ್ರ, ವ್ಯವಸ್ಥಾಪಕ ಪ್ರವೀಣ್ ಕುಮಾರ್ (ಮೊ.9113526634), ಕೌಲ್ ಬಜಾರ್ ಆಶ್ರಯ ಕೇಂದ್ರ, ವ್ಯವಸ್ಥಾಪಕ ಸುರೇಶ್ ಇವರನ್ನು ಸಂಪರ್ಕಿಸಬಹುದು.
(ಮೊ.9535717004). ಇವರನ್ನು ಸಂಪರ್ಕಿಸಬಹುದು. ವಸತಿ ರಹಿತ ಆಶ್ರಯ ಕೇಂದ್ರಗಳಿಗೆ ಕಳೆದ 2024ರ ಡಿಸೆಂಬರ್ ಮಾಹೆಯಲ್ಲಿ ಜಿಲ್ಲಾ ಕಾನೂನು ಸೇವೆಗಳ ಪ್ರಾಧಿಕಾರದ ಸದಸ್ಯ ಕಾರ್ಯದರ್ಶಿ ಹಾಗೂ ಹಿರಿಯ ಸಿವಿಲ್ ನ್ಯಾಯಾಧೀಶರು ಭೇಟಿ ನೀಡಿ ಪರಿಶೀಲಿಸಿದ್ದರು. ಯಾವುದೇ ನಿರಾಶ್ರಿತರು ರಸ್ತೆಯ ಬದಿ, ಫುಟ್‌ಪಾತ್‌ನಲ್ಲಿ ಮಲಗಿರುವುದು ಕಂಡುಬಂದಲ್ಲಿ ಸಾರ್ವಜನಿಕರು ಆಶ್ರಯ ಕೇಂದ್ರಕ್ಕೆ ಮಾಹಿತಿ ನೀಡಬೇಕು ಎಂದು ಪಾಲಿಕೆ ಆಯುಕ್ತರು ಪ್ರಕಟಣೆಯಲ್ಲಿ ತಿಳಿಸಿದ್ದಾರೆ.
Suwarna vaahini Kannada Daily, Owner/Editor : V.Ravi, Published at: ( Responsible for selection of news under the PRB Act), Printed : V.Ravi,
Publication: SHREE SHAILA PRINTERS, opp.Eranna Gudi Road,Eslampura,Gangavathi - 581227. Koppal Dist.Karnataka. RNI NO: KARKAN/2022/82651
